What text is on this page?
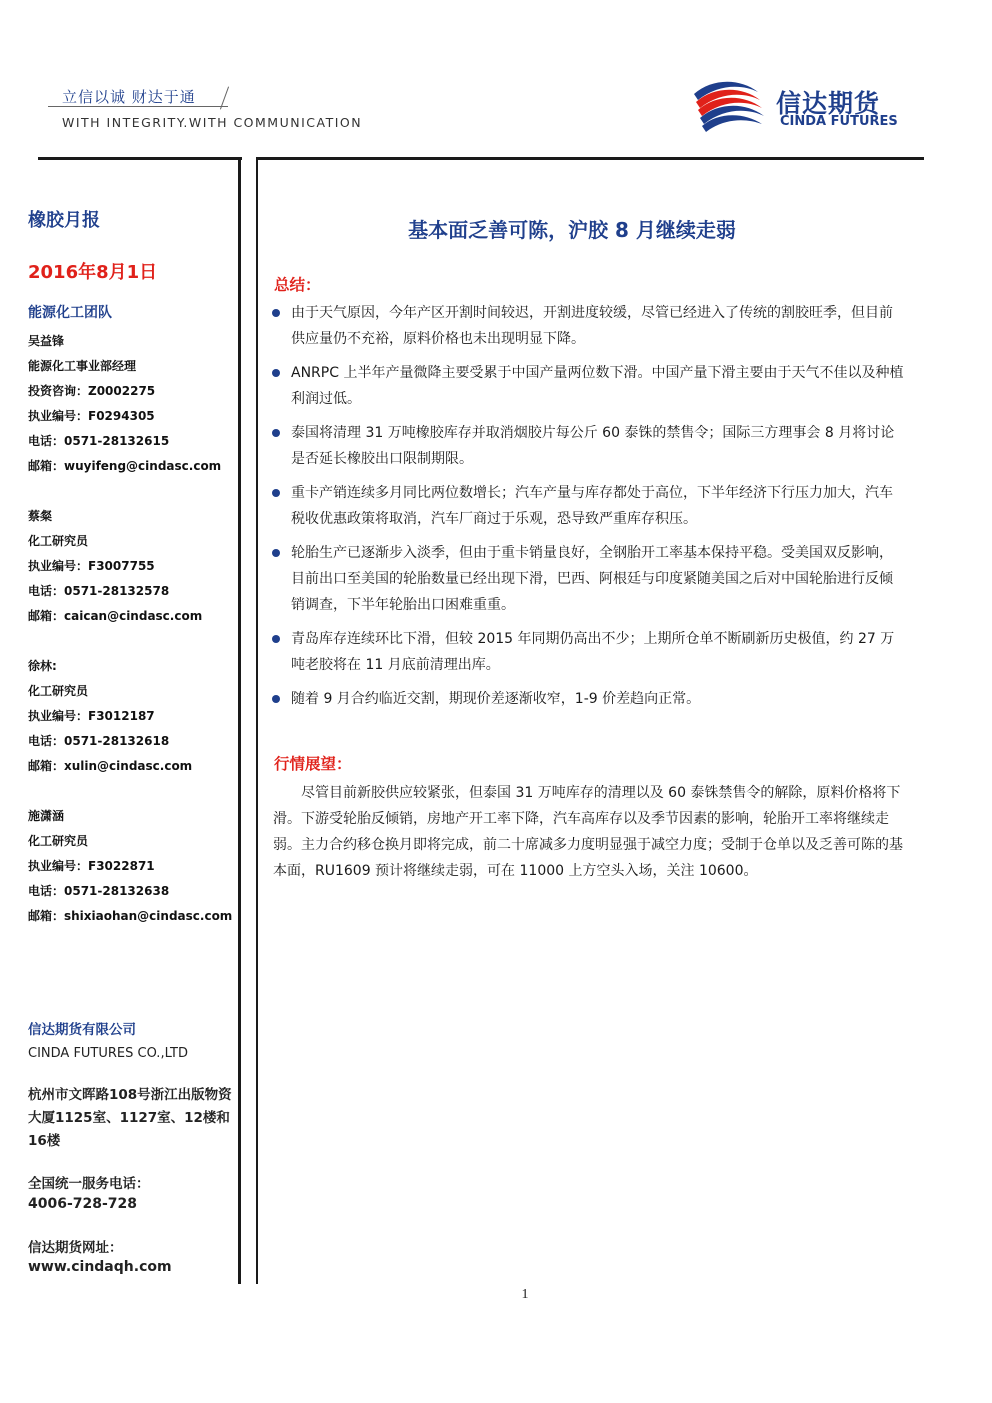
立信以诚 财达于通
WITH INTEGRITY.WITH COMMUNICATION
信达期货
CINDA FUTURES
橡胶月报
2016年8月1日
能源化工团队
吴益锋
能源化工事业部经理
投资咨询：Z0002275
执业编号：F0294305
电话：0571-28132615
邮箱：wuyifeng@cindasc.com
蔡粲
化工研究员
执业编号：F3007755
电话：0571-28132578
邮箱：caican@cindasc.com
徐林:
化工研究员
执业编号：F3012187
电话：0571-28132618
邮箱：xulin@cindasc.com
施潇涵
化工研究员
执业编号：F3022871
电话：0571-28132638
邮箱：shixiaohan@cindasc.com
信达期货有限公司
CINDA FUTURES CO.,LTD
杭州市文晖路108号浙江出版物资大厦1125室、1127室、12楼和16楼
全国统一服务电话：
4006-728-728
信达期货网址：
www.cindaqh.com
基本面乏善可陈，沪胶 8 月继续走弱
总结：
由于天气原因，今年产区开割时间较迟，开割进度较缓，尽管已经进入了传统的割胶旺季，但目前供应量仍不充裕，原料价格也未出现明显下降。
ANRPC 上半年产量微降主要受累于中国产量两位数下滑。中国产量下滑主要由于天气不佳以及种植利润过低。
泰国将清理 31 万吨橡胶库存并取消烟胶片每公斤 60 泰铢的禁售令；国际三方理事会 8 月将讨论是否延长橡胶出口限制期限。
重卡产销连续多月同比两位数增长；汽车产量与库存都处于高位，下半年经济下行压力加大，汽车税收优惠政策将取消，汽车厂商过于乐观，恐导致严重库存积压。
轮胎生产已逐渐步入淡季，但由于重卡销量良好，全钢胎开工率基本保持平稳。受美国双反影响，目前出口至美国的轮胎数量已经出现下滑，巴西、阿根廷与印度紧随美国之后对中国轮胎进行反倾销调查，下半年轮胎出口困难重重。
青岛库存连续环比下滑，但较 2015 年同期仍高出不少；上期所仓单不断刷新历史极值，约 27 万吨老胶将在 11 月底前清理出库。
随着 9 月合约临近交割，期现价差逐渐收窄，1-9 价差趋向正常。
行情展望：

尽管目前新胶供应较紧张，但泰国 31 万吨库存的清理以及 60 泰铢禁售令的解除，原料价格将下滑。下游受轮胎反倾销，房地产开工率下降，汽车高库存以及季节因素的影响，轮胎开工率将继续走弱。主力合约移仓换月即将完成，前二十席减多力度明显强于减空力度；受制于仓单以及乏善可陈的基本面，RU1609 预计将继续走弱，可在 11000 上方空头入场，关注 10600。

1
